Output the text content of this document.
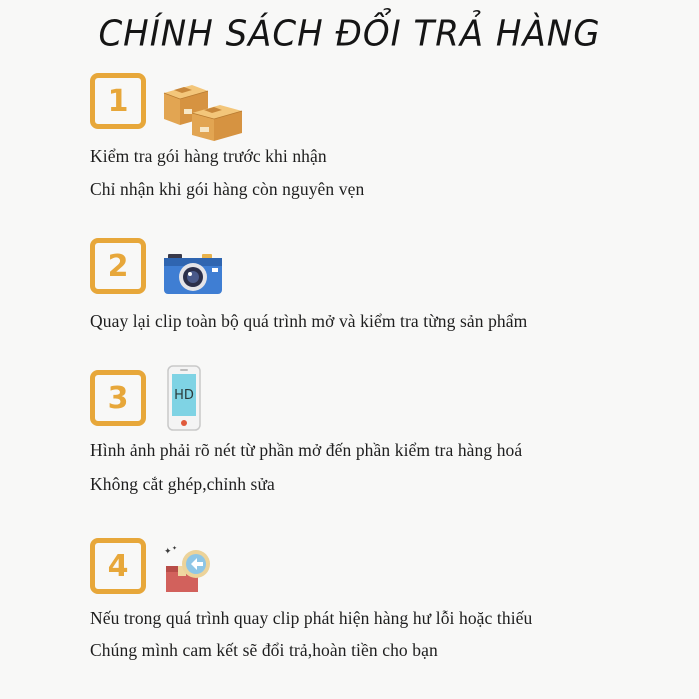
CHÍNH SÁCH ĐỔI TRẢ HÀNG
1
Kiểm tra gói hàng trước khi nhận
Chỉ nhận khi gói hàng còn nguyên vẹn
2
Quay lại clip toàn bộ quá trình mở và kiểm tra từng sản phẩm
3	HD
Hình ảnh phải rõ nét từ phần mở đến phần kiểm tra hàng hoá
Không cắt ghép,chỉnh sửa
4	✦ ✦
Nếu trong quá trình quay clip phát hiện hàng hư lỗi hoặc thiếu
Chúng mình cam kết sẽ đổi trả,hoàn tiền cho bạn
